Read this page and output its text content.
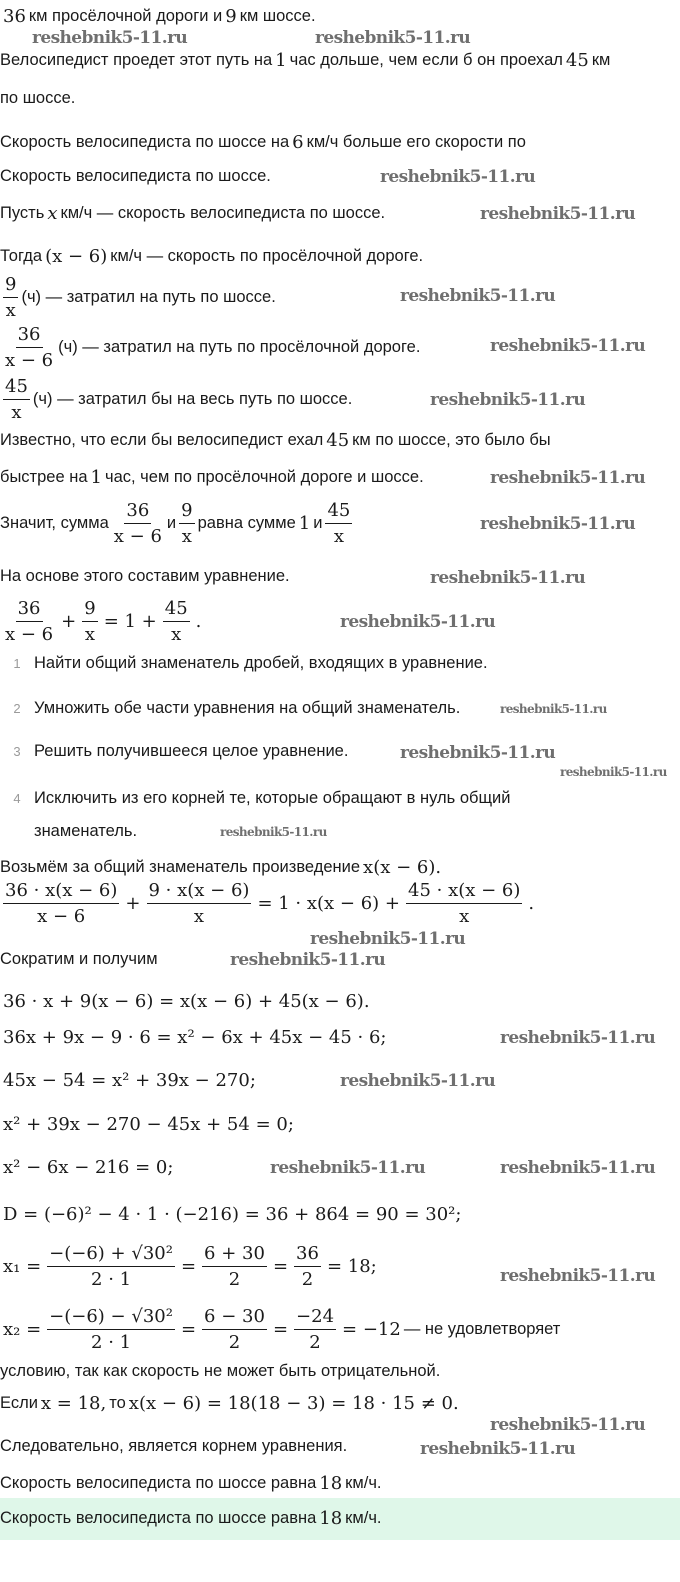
36 км просёлочной дороги и 9 км шоссе.
Велосипедист проедет этот путь на 1 час дольше, чем если б он проехал 45 км
по шоссе.
Скорость велосипедиста по шоссе на 6 км/ч больше его скорости по
Скорость велосипедиста по шоссе.
Пусть x км/ч — скорость велосипедиста по шоссе.
Тогда (x − 6) км/ч — скорость по просёлочной дороге.
$\frac{9}{x} (ч)$ — затратил на путь по шоссе.
$\frac{36}{x - 6} (ч)$ — затратил на путь по просёлочной дороге.
$\frac{45}{x} (ч)$ — затратил бы на весь путь по шоссе.
Известно, что если бы велосипедист ехал 45 км по шоссе, это было бы
быстрее на 1 час, чем по просёлочной дороге и шоссе.
Значит, сумма $\frac{36}{x - 6}$ и $\frac{9}{x}$ равна сумме 1 и $\frac{45}{x}$
На основе этого составим уравнение.
$\frac{36}{x - 6} + \frac{9}{x} = 1 + \frac{45}{x}$ .
1 Найти общий знаменатель дробей, входящих в уравнение.
2 Умножить обе части уравнения на общий знаменатель.
3 Решить получившееся целое уравнение.
4 Исключить из его корней те, которые обращают в нуль общий
знаменатель.
Возьмём за общий знаменатель произведение x(x − 6).
$\frac{36 \cdot x(x - 6)}{x - 6} + \frac{9 \cdot x(x - 6)}{x} = 1 \cdot x(x - 6) + \frac{45 \cdot x(x - 6)}{x}$ .
Сократим и получим
36 · x + 9(x − 6) = x(x − 6) + 45(x − 6).
36x + 9x − 9 · 6 = x² − 6x + 45x − 45 · 6;
45x − 54 = x² + 39x − 270;
x² + 39x − 270 − 45x + 54 = 0;
x² − 6x − 216 = 0;
D = (−6)² − 4 · 1 · (−216) = 36 + 864 = 90 = 30²;
$x_1 = \frac{\text{−(−6) + √30²}}{2 \cdot 1} = \frac{6 + 30}{2} = \frac{36}{2} = 18$;
$x_2 = \frac{\text{−(−6) − √30²}}{2 \cdot 1} = \frac{6 - 30}{2} = \frac{-24}{2} = -12$ — не удовлетворяет
условию, так как скорость не может быть отрицательной.
Если x = 18, то x(x − 6) = 18(18 − 3) = 18 · 15 ≠ 0.
Следовательно, является корнем уравнения.
Скорость велосипедиста по шоссе равна 18 км/ч.
Скорость велосипедиста по шоссе равна 18 км/ч.
reshebnik5-11.ru	reshebnik5-11.ru
reshebnik5-11.ru
reshebnik5-11.ru
reshebnik5-11.ru
reshebnik5-11.ru
reshebnik5-11.ru
reshebnik5-11.ru
reshebnik5-11.ru
reshebnik5-11.ru
reshebnik5-11.ru
reshebnik5-11.ru
reshebnik5-11.ru
reshebnik5-11.ru
reshebnik5-11.ru
reshebnik5-11.ru
reshebnik5-11.ru
reshebnik5-11.ru
reshebnik5-11.ru
reshebnik5-11.ru
reshebnik5-11.ru
reshebnik5-11.ru
reshebnik5-11.ru
reshebnik5-11.ru
